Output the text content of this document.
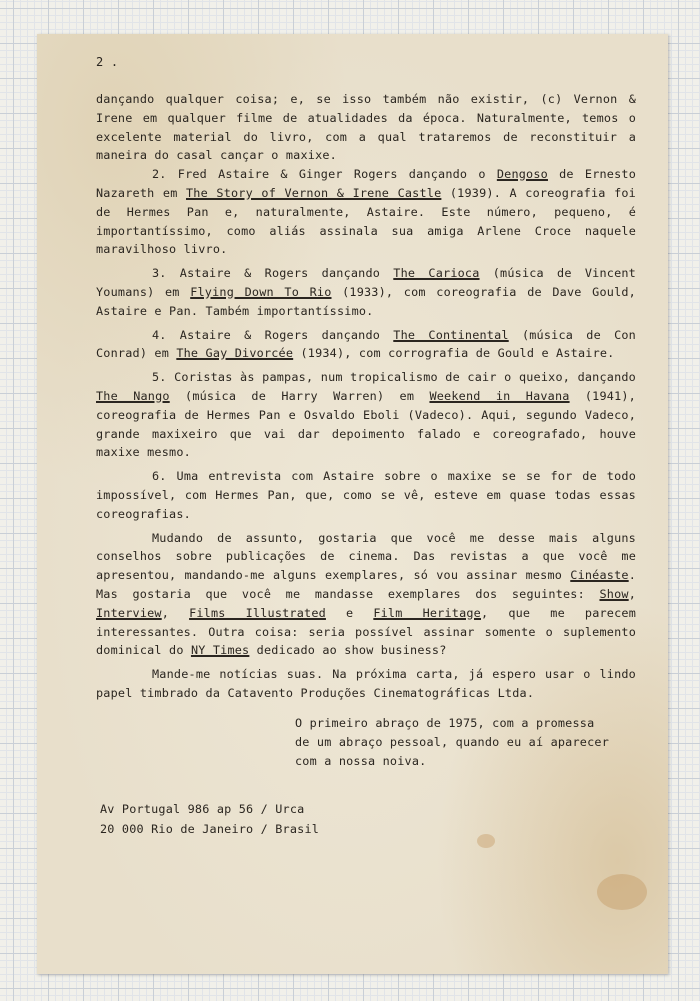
2 .

dançando qualquer coisa; e, se isso também não existir, (c) Vernon & Irene em qualquer filme de atualidades da época. Naturalmente, temos o excelente material do livro, com a qual trataremos de reconstituir a maneira do casal cançar o maxixe.

2. Fred Astaire & Ginger Rogers dançando o Dengoso de Ernesto Nazareth em The Story of Vernon & Irene Castle (1939). A coreografia foi de Hermes Pan e, naturalmente, Astaire. Este número, pequeno, é importantíssimo, como aliás assinala sua amiga Arlene Croce naquele maravilhoso livro.

3. Astaire & Rogers dançando The Carioca (música de Vincent Youmans) em Flying Down To Rio (1933), com coreografia de Dave Gould, Astaire e Pan. Também importantíssimo.

4. Astaire & Rogers dançando The Continental (música de Con Conrad) em The Gay Divorcée (1934), com corrografia de Gould e Astaire.

5. Coristas às pampas, num tropicalismo de cair o queixo, dançando The Nango (música de Harry Warren) em Weekend in Havana (1941), coreografia de Hermes Pan e Osvaldo Eboli (Vadeco). Aqui, segundo Vadeco, grande maxixeiro que vai dar depoimento falado e coreografado, houve maxixe mesmo.

6. Uma entrevista com Astaire sobre o maxixe se se for de todo impossível, com Hermes Pan, que, como se vê, esteve em quase todas essas coreografias.

Mudando de assunto, gostaria que você me desse mais alguns conselhos sobre publicações de cinema. Das revistas a que você me apresentou, mandando-me alguns exemplares, só vou assinar mesmo Cinéaste. Mas gostaria que você me mandasse exemplares dos seguintes: Show, Interview, Films Illustrated e Film Heritage, que me parecem interessantes. Outra coisa: seria possível assinar somente o suplemento dominical do NY Times dedicado ao show business?

Mande-me notícias suas. Na próxima carta, já espero usar o lindo papel timbrado da Catavento Produções Cinematográficas Ltda.

O primeiro abraço de 1975, com a promessa
de um abraço pessoal, quando eu aí aparecer
com a nossa noiva.
Av Portugal 986 ap 56 / Urca
20 000 Rio de Janeiro / Brasil
